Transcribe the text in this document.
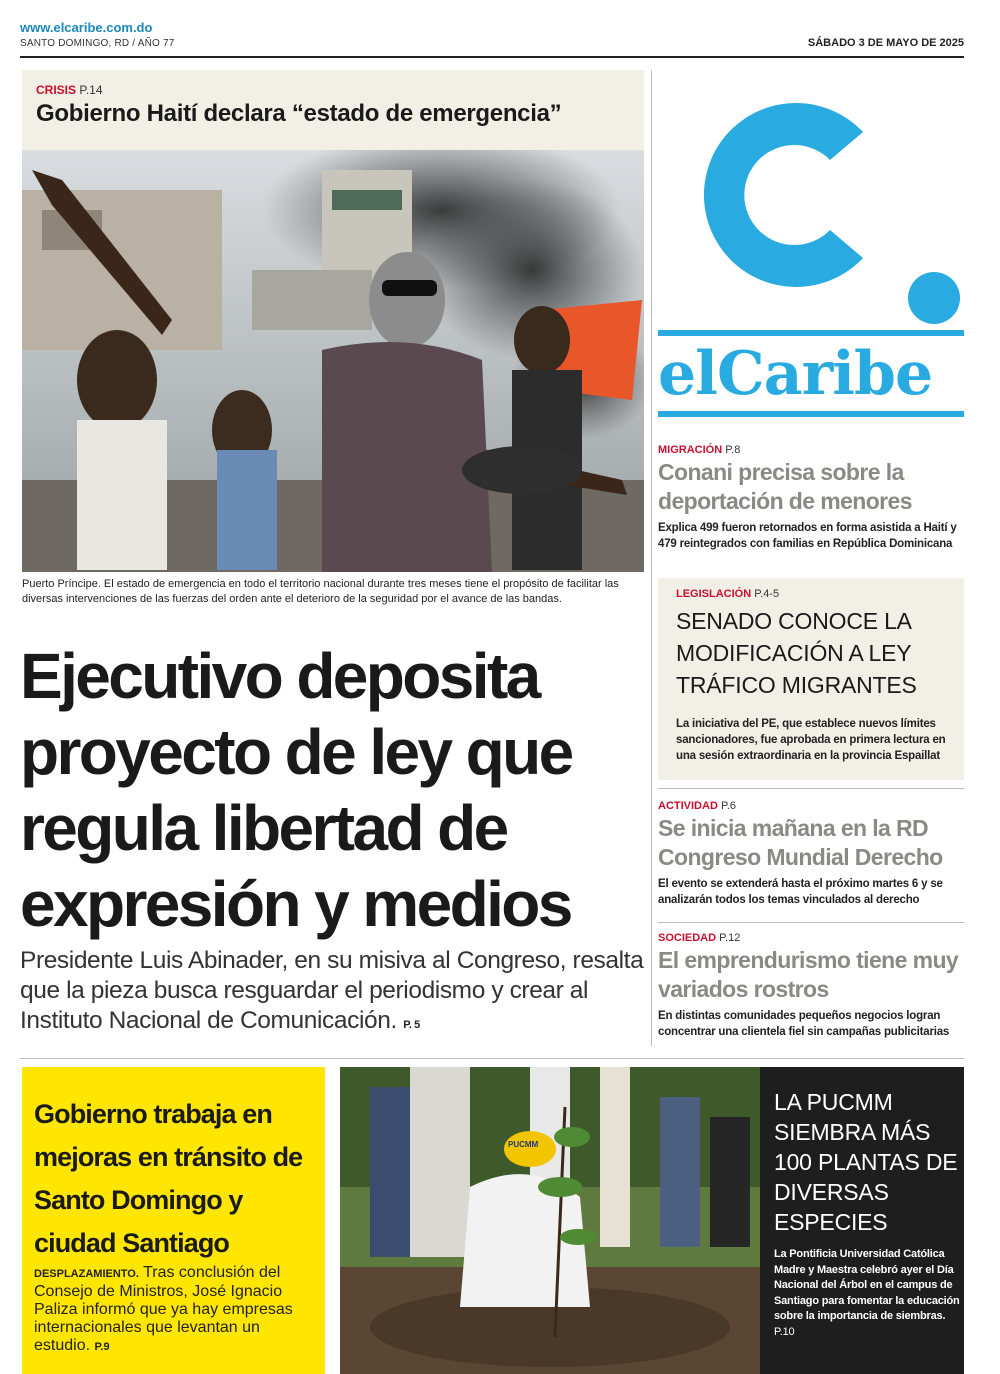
www.elcaribe.com.do
SANTO DOMINGO, RD / AÑO 77	SÁBADO 3 DE MAYO DE 2025
CRISIS P.14
Gobierno Haití declara “estado de emergencia”
Puerto Príncipe. El estado de emergencia en todo el territorio nacional durante tres meses tiene el propósito de facilitar las diversas intervenciones de las fuerzas del orden ante el deterioro de la seguridad por el avance de las bandas.
elCaribe
MIGRACIÓN P.8
Conani precisa sobre la deportación de menores
Explica 499 fueron retornados en forma asistida a Haití y 479 reintegrados con familias en República Dominicana
LEGISLACIÓN P.4-5
SENADO CONOCE LA MODIFICACIÓN A LEY TRÁFICO MIGRANTES
La iniciativa del PE, que establece nuevos límites sancionadores, fue aprobada en primera lectura en una sesión extraordinaria en la provincia Espaillat
ACTIVIDAD P.6
Se inicia mañana en la RD Congreso Mundial Derecho
El evento se extenderá hasta el próximo martes 6 y se analizarán todos los temas vinculados al derecho
SOCIEDAD P.12
El emprendurismo tiene muy variados rostros
En distintas comunidades pequeños negocios logran concentrar una clientela fiel sin campañas publicitarias
Ejecutivo deposita proyecto de ley que regula libertad de expresión y medios
Presidente Luis Abinader, en su misiva al Congreso, resalta que la pieza busca resguardar el periodismo y crear al Instituto Nacional de Comunicación. P. 5
Gobierno trabaja en mejoras en tránsito de Santo Domingo y ciudad Santiago
DESPLAZAMIENTO. Tras conclusión del Consejo de Ministros, José Ignacio Paliza informó que ya hay empresas internacionales que levantan un estudio. P.9
PUCMM
LA PUCMM SIEMBRA MÁS 100 PLANTAS DE DIVERSAS ESPECIES
La Pontificia Universidad Católica Madre y Maestra celebró ayer el Día Nacional del Árbol en el campus de Santiago para fomentar la educación sobre la importancia de siembras. P.10
